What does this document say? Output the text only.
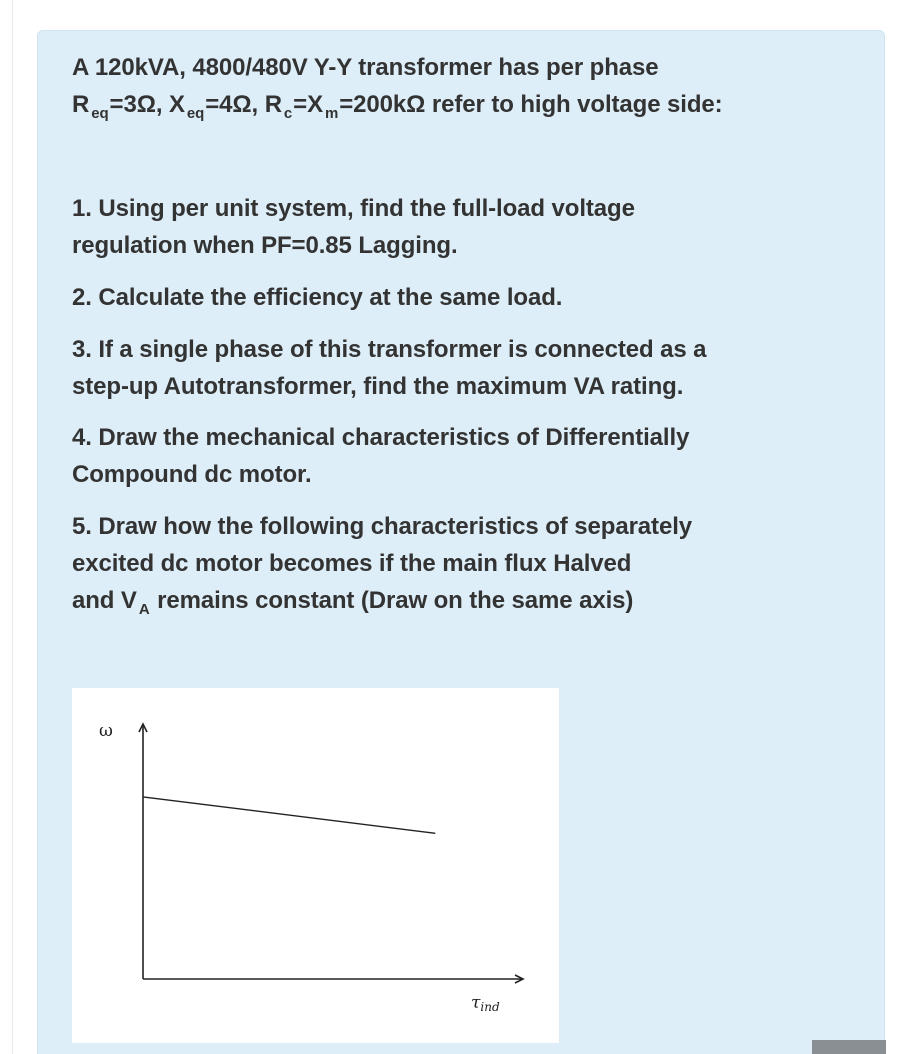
A 120kVA, 4800/480V Y-Y transformer has per phase
R $_{eq}$=3Ω, X $_{eq}$=4Ω, R $_c$=X $_m$=200kΩ refer to high voltage side:

1. Using per unit system, find the full-load voltage

regulation when PF=0.85 Lagging.

2. Calculate the efficiency at the same load.

3. If a single phase of this transformer is connected as a

step-up Autotransformer, find the maximum VA rating.

4. Draw the mechanical characteristics of Differentially

Compound dc motor.

5. Draw how the following characteristics of separately

excited dc motor becomes if the main flux Halved

and V $_A$ remains constant (Draw on the same axis)

ω
τind
